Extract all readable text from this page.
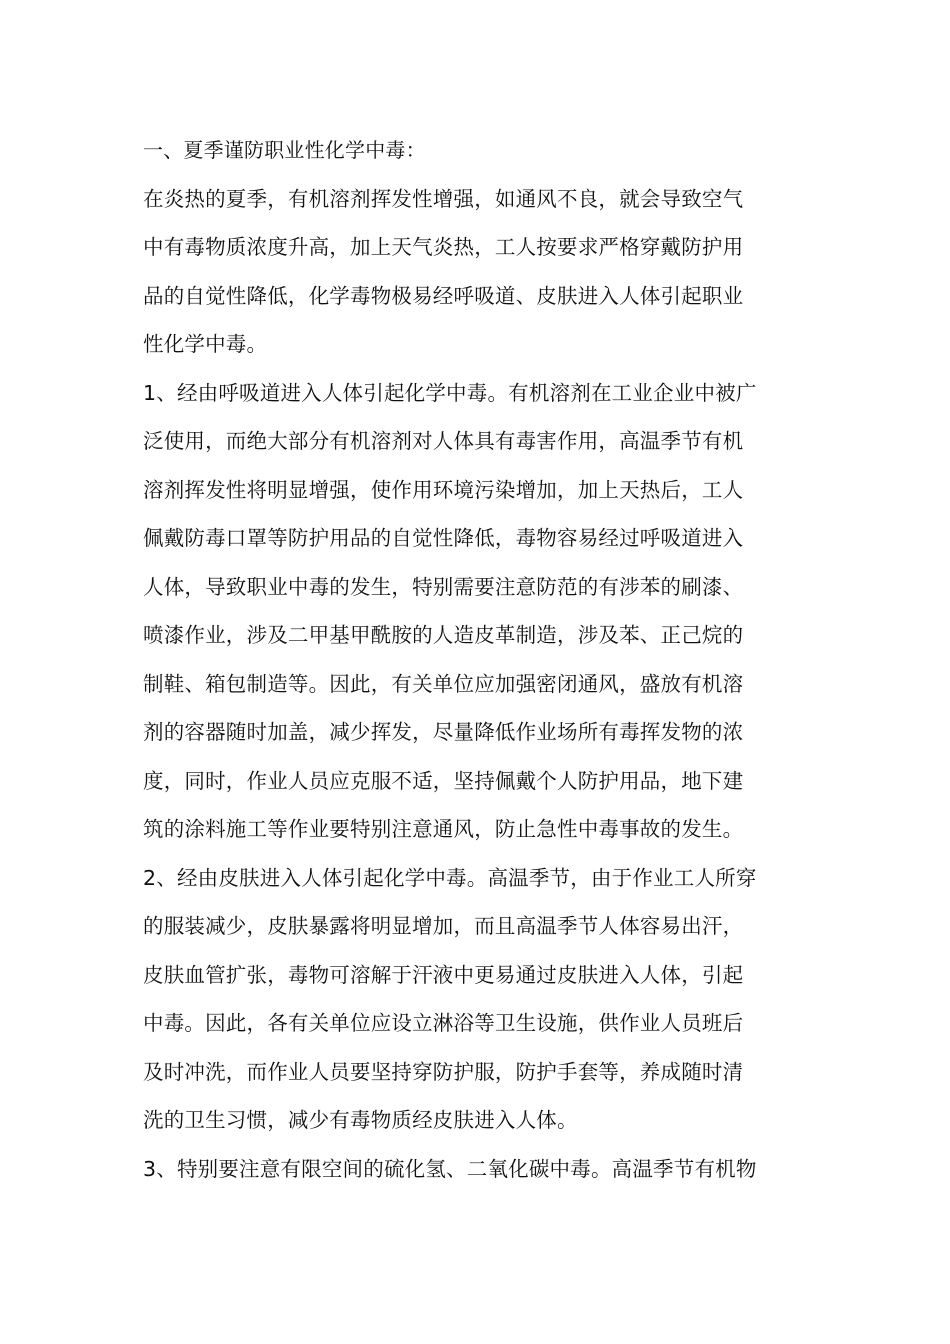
一、夏季谨防职业性化学中毒：
在炎热的夏季，有机溶剂挥发性增强，如通风不良，就会导致空气
中有毒物质浓度升高，加上天气炎热，工人按要求严格穿戴防护用
品的自觉性降低，化学毒物极易经呼吸道、皮肤进入人体引起职业
性化学中毒。
1、经由呼吸道进入人体引起化学中毒。有机溶剂在工业企业中被广
泛使用，而绝大部分有机溶剂对人体具有毒害作用，高温季节有机
溶剂挥发性将明显增强，使作用环境污染增加，加上天热后，工人
佩戴防毒口罩等防护用品的自觉性降低，毒物容易经过呼吸道进入
人体，导致职业中毒的发生，特别需要注意防范的有涉苯的刷漆、
喷漆作业，涉及二甲基甲酰胺的人造皮革制造，涉及苯、正己烷的
制鞋、箱包制造等。因此，有关单位应加强密闭通风，盛放有机溶
剂的容器随时加盖，减少挥发，尽量降低作业场所有毒挥发物的浓
度，同时，作业人员应克服不适，坚持佩戴个人防护用品，地下建
筑的涂料施工等作业要特别注意通风，防止急性中毒事故的发生。
2、经由皮肤进入人体引起化学中毒。高温季节，由于作业工人所穿
的服装减少，皮肤暴露将明显增加，而且高温季节人体容易出汗，
皮肤血管扩张，毒物可溶解于汗液中更易通过皮肤进入人体，引起
中毒。因此，各有关单位应设立淋浴等卫生设施，供作业人员班后
及时冲洗，而作业人员要坚持穿防护服，防护手套等，养成随时清
洗的卫生习惯，减少有毒物质经皮肤进入人体。
3、特别要注意有限空间的硫化氢、二氧化碳中毒。高温季节有机物
